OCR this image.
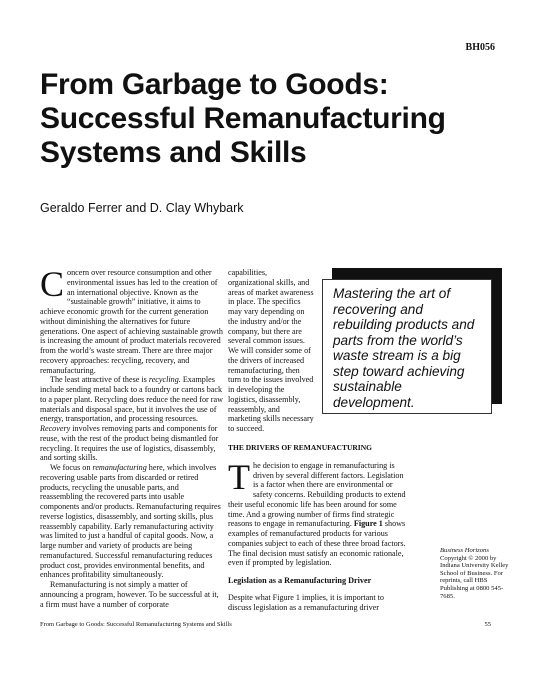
BH056
From Garbage to Goods:
Successful Remanufacturing
Systems and Skills
Geraldo Ferrer and D. Clay Whybark

Concern over resource consumption and other environmental issues has led to the creation of an international objective. Known as the “sustainable growth” initiative, it aims to achieve economic growth for the current generation without diminishing the alternatives for future generations. One aspect of achieving sustainable growth is increasing the amount of product materials recovered from the world’s waste stream. There are three major recovery approaches: recycling, recovery, and remanufacturing.

The least attractive of these is recycling. Examples include sending metal back to a foundry or cartons back to a paper plant. Recycling does reduce the need for raw materials and disposal space, but it involves the use of energy, transportation, and processing resources. Recovery involves removing parts and components for reuse, with the rest of the product being dismantled for recycling. It requires the use of logistics, disassembly, and sorting skills.

We focus on remanufacturing here, which involves recovering usable parts from discarded or retired products, recycling the unusable parts, and reassembling the recovered parts into usable components and/or products. Remanufacturing requires reverse logistics, disassembly, and sorting skills, plus reassembly capability. Early remanufacturing activity was limited to just a handful of capital goods. Now, a large number and variety of products are being remanufactured. Successful remanufacturing reduces product cost, provides environmental benefits, and enhances profitability simultaneously.

Remanufacturing is not simply a matter of announcing a program, however. To be successful at it, a firm must have a number of corporate

capabilities, organizational skills, and areas of market awareness in place. The specifics may vary depending on the industry and/or the company, but there are several common issues. We will consider some of the drivers of increased remanufacturing, then turn to the issues involved in developing the logistics, disassembly, reassembly, and marketing skills necessary to succeed.

Mastering the art of recovering and rebuilding products and parts from the world’s waste stream is a big step toward achieving sustainable development.

THE DRIVERS OF REMANUFACTURING

The decision to engage in remanufacturing is driven by several different factors. Legislation is a factor when there are environmental or safety concerns. Rebuilding products to extend their useful economic life has been around for some time. And a growing number of firms find strategic reasons to engage in remanufacturing. Figure 1 shows examples of remanufactured products for various companies subject to each of these three broad factors. The final decision must satisfy an economic rationale, even if prompted by legislation.

Legislation as a Remanufacturing Driver

Despite what Figure 1 implies, it is important to discuss legislation as a remanufacturing driver

Business Horizons
Copyright © 2000 by Indiana University Kelley School of Business. For reprints, call HBS Publishing at 0800 545-7685.
From Garbage to Goods: Successful Remanufacturing Systems and Skills	55
